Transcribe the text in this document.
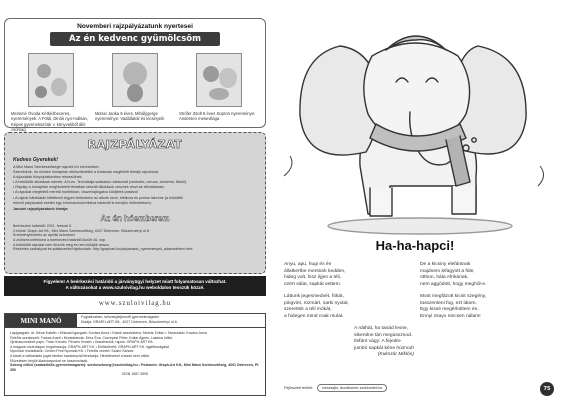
Novemberi rajzpályázatunk nyertesei
Az én kedvenc gyümölcsöm
Mezeiné Óvoda Kétkézbeceres, nyeremények: A Földi, Dinók nyo-málsan, Képes gyermekszótár v. könyvekből álló csomag
Mizsei Janka 5 éves, Mihálygerge nyereménye: Vadállatok és kicsinyeik
Strófer Zsolt 6 éves Sopron nyereménye: Andersen mesevilága
RAJZPÁLYÁZAT
Kedves Gyerekek!
A Mini Manó Szerkesztősége rajzolni hív benneteket.
Szeretnénk, ha minden hónapban elkészítenétek a kiírásnak megfelelő témájú rajzotokat.
A díjazottak könyvjutalomban részesülnek.
• A beküldött alkotások mérete: A/4-es. Technikája szabadon választott (zsírkréta, ceruza, zsírkréta, filctoll).
• Rajzlap a hónapban meghirdetett témában készült alkotások vesznek részt az elbírálásban.
• A rajzokat megfelelő méretű borítékban, összehajtogatva küldjétek postára!
• A rajzok hátoldalán feltétlenül legyen feltüntetve az alkotó neve, életkora és pontos lakcíme (a küldöttől
érkező pályázatok esetén egy információval ellátva határidő is kerüljön feltüntetésre).
Januári rajzpályázatunk témája:
Az én hóemberem
Beérkezési határidő: 2021. február 5.
Címünk: Graph-Art Kft., Mini Manó Szerkesztőség, 4027 Debrecen, Böszörményi út 6.
Eredményhirdetés az áprilisi számban!
A zsűrizés kritériuma a beérkezési határidő között 46. nap.
A beküldött rajzokat nem őrizzük meg és nem küldjük vissza.
Részletes szabályzat és adatkezelési tájékoztató: http://graphart.hu/palyazatok_nyeremenyek_adatvedelem.html
Figyelem! A beérkezési határidő a járványügyi helyzet miatt folyamatosan változhat.
A változásokat a www.szuloivilag.hu weboldalon tesszük közzé.
www.szuloivilag.hu
MINI MANÓ	Foglalkoztató, készségfejlesztő gyermekmagazin
Kiadja: GRAPH-ART Kft., 4027 Debrecen, Böszörményi út 6.
Lapigazgató: dr. Dévai Katalin • Műszaki igazgató: Kovács Anna • Kiadói asszisztens: Molnár Zoltán • Tanácsadó: Kovács Anna
Felelős szerkesztő: Farkas Anett • Munkatársak: Kész Éva, Cserepesi Péter, Koltai Ágnes, Lakatos Ildikó
Újrahasznosított papír, Tinta: Kreatív, Pénzes Kreatív • Illusztrációk, rajzok: GRAPH-ART Kft.
A magazin kizárólagos forgalmazója: GRAPH-ART Kft. • Előfizethető: GRAPH-ART Kft. ügyfélszolgálat
Nyomdai munkálatok: Center-Print Nyomda Kft. • Felelős vezető: Szabó Sándor
A kiadó a változtatás jogát minden kiadványnál fenntartja. Hirdetéseket a kiadó nem vállal.
Előzetesen kérjük kiadványunkat ne hasznosítsák.
Szöveg nélkül (szabadidős gyermekmagazin): szerkesztoseg@szuloivilag.hu • Postacím: Graph-Art Kft., Mini Manó Szerkesztőség, 4001 Debrecen, Pf. 353
ISSN 1587-3595
Ha-ha-hapci!

Anyu, apu, hugi és én

állatkertbe mentünk kedden,

hideg volt, hisz éjjen a téli,

ezért sálat, sapkát vettem.

De a kicsiny elefántnak

majdnem lefagyott a füle,

otthon, hála Afrikának,

nem aggódott, hogy meghűl-e.

Láttunk jegesmedvét, fókát,

pingvint, rozmárt, sarki nyulat,

szerettük a téli mókát,

a hidegen mind csak mulat.

Most megfázott kicsit szegény,

tüsszenteni fog, ezt látom.

Egy kissé megérkültem én,

Ennyi zsayo nincsen nálam!

A náthát, ha tanád lesne,

sikerülne tán megússznod.

Ilefánt vágy: A fejedre

jumbó sapkát kéne húznod!

(Kukszár Miklós)

Fejlesztett terület:	mesesajtó, ikonálkámtr, szókincsfeli.bs	75
